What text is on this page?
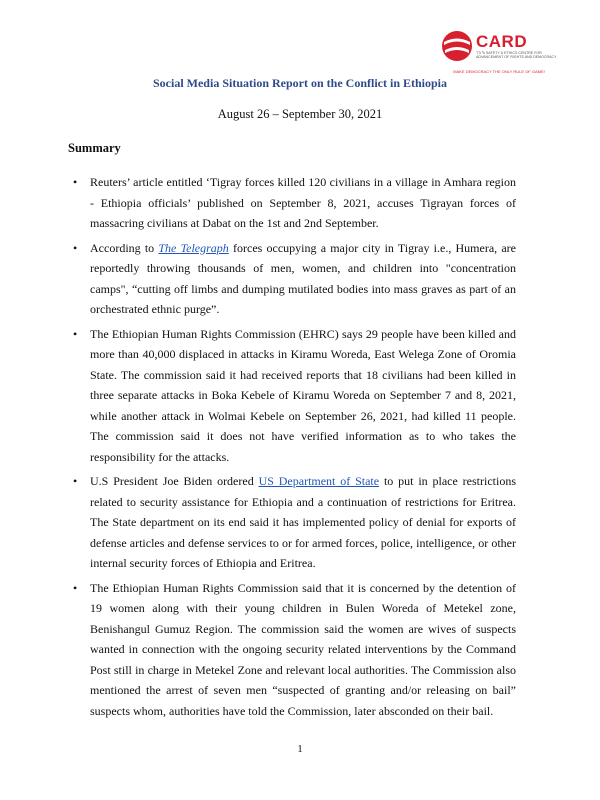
CARD
Ⴈ Ⴉ Ⴊ SAFETY & ETHICS CENTRE FOR ADVANCEMENT OF RIGHTS AND DEMOCRACY
MAKE DEMOCRACY THE ONLY RULE OF GAME!
Social Media Situation Report on the Conflict in Ethiopia
August 26 – September 30, 2021
Summary
• Reuters’ article entitled ‘Tigray forces killed 120 civilians in a village in Amhara region - Ethiopia officials’ published on September 8, 2021, accuses Tigrayan forces of massacring civilians at Dabat on the 1st and 2nd September.
• According to The Telegraph forces occupying a major city in Tigray i.e., Humera, are reportedly throwing thousands of men, women, and children into "concentration camps", “cutting off limbs and dumping mutilated bodies into mass graves as part of an orchestrated ethnic purge”.
• The Ethiopian Human Rights Commission (EHRC) says 29 people have been killed and more than 40,000 displaced in attacks in Kiramu Woreda, East Welega Zone of Oromia State. The commission said it had received reports that 18 civilians had been killed in three separate attacks in Boka Kebele of Kiramu Woreda on September 7 and 8, 2021, while another attack in Wolmai Kebele on September 26, 2021, had killed 11 people. The commission said it does not have verified information as to who takes the responsibility for the attacks.
• U.S President Joe Biden ordered US Department of State to put in place restrictions related to security assistance for Ethiopia and a continuation of restrictions for Eritrea. The State department on its end said it has implemented policy of denial for exports of defense articles and defense services to or for armed forces, police, intelligence, or other internal security forces of Ethiopia and Eritrea.
• The Ethiopian Human Rights Commission said that it is concerned by the detention of 19 women along with their young children in Bulen Woreda of Metekel zone, Benishangul Gumuz Region. The commission said the women are wives of suspects wanted in connection with the ongoing security related interventions by the Command Post still in charge in Metekel Zone and relevant local authorities. The Commission also mentioned the arrest of seven men “suspected of granting and/or releasing on bail” suspects whom, authorities have told the Commission, later absconded on their bail.
1
